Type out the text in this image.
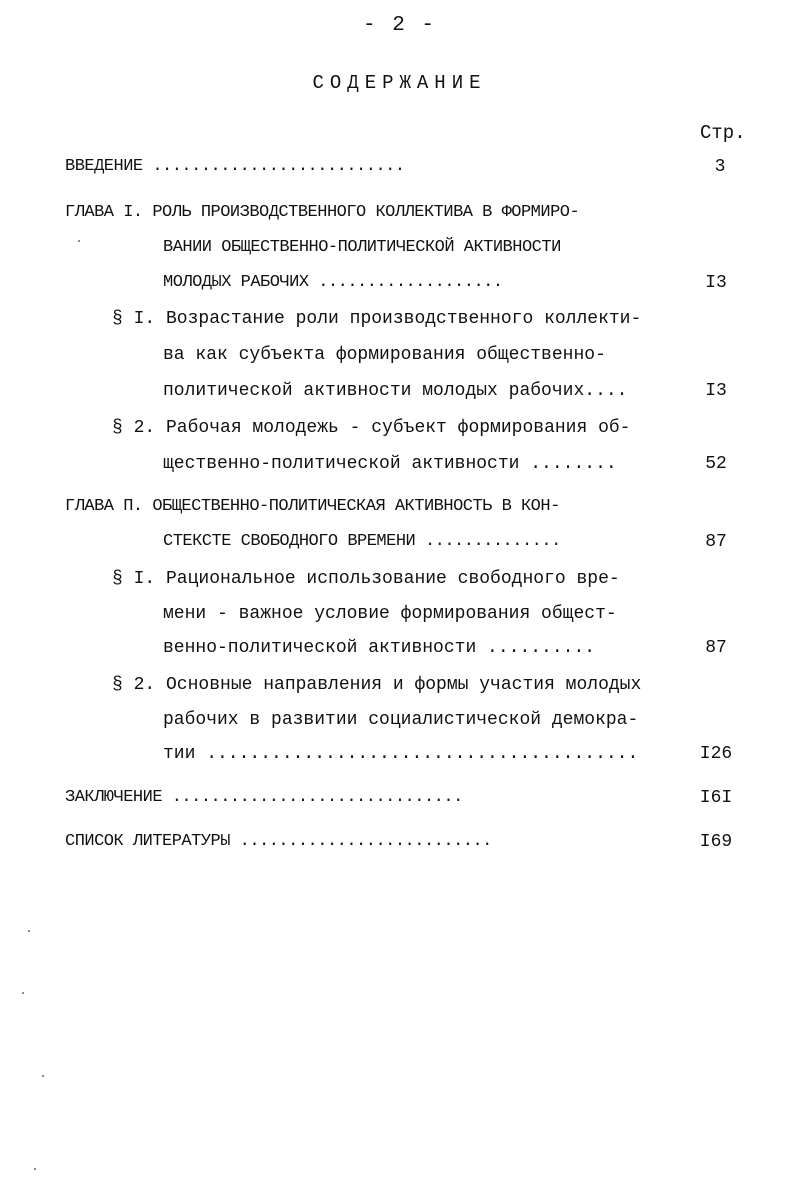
- 2 -
СОДЕРЖАНИЕ
Стр.
ВВЕДЕНИЕ ..........................	3
ГЛАВА I. РОЛЬ ПРОИЗВОДСТВЕННОГО КОЛЛЕКТИВА В ФОРМИРО-
ВАНИИ ОБЩЕСТВЕННО-ПОЛИТИЧЕСКОЙ АКТИВНОСТИ
МОЛОДЫХ РАБОЧИХ ...................	I3
§ I. Возрастание роли производственного коллекти-
ва как субъекта формирования общественно-
политической активности молодых рабочих....	I3
§ 2. Рабочая молодежь - субъект формирования об-
щественно-политической активности ........	52
ГЛАВА П. ОБЩЕСТВЕННО-ПОЛИТИЧЕСКАЯ АКТИВНОСТЬ В КОН-
СТЕКСТЕ СВОБОДНОГО ВРЕМЕНИ ..............	87
§ I. Рациональное использование свободного вре-
мени - важное условие формирования общест-
венно-политической активности ..........	87
§ 2. Основные направления и формы участия молодых
рабочих в развитии социалистической демокра-
тии ........................................	I26
ЗАКЛЮЧЕНИЕ ..............................	I6I
СПИСОК ЛИТЕРАТУРЫ ..........................	I69
